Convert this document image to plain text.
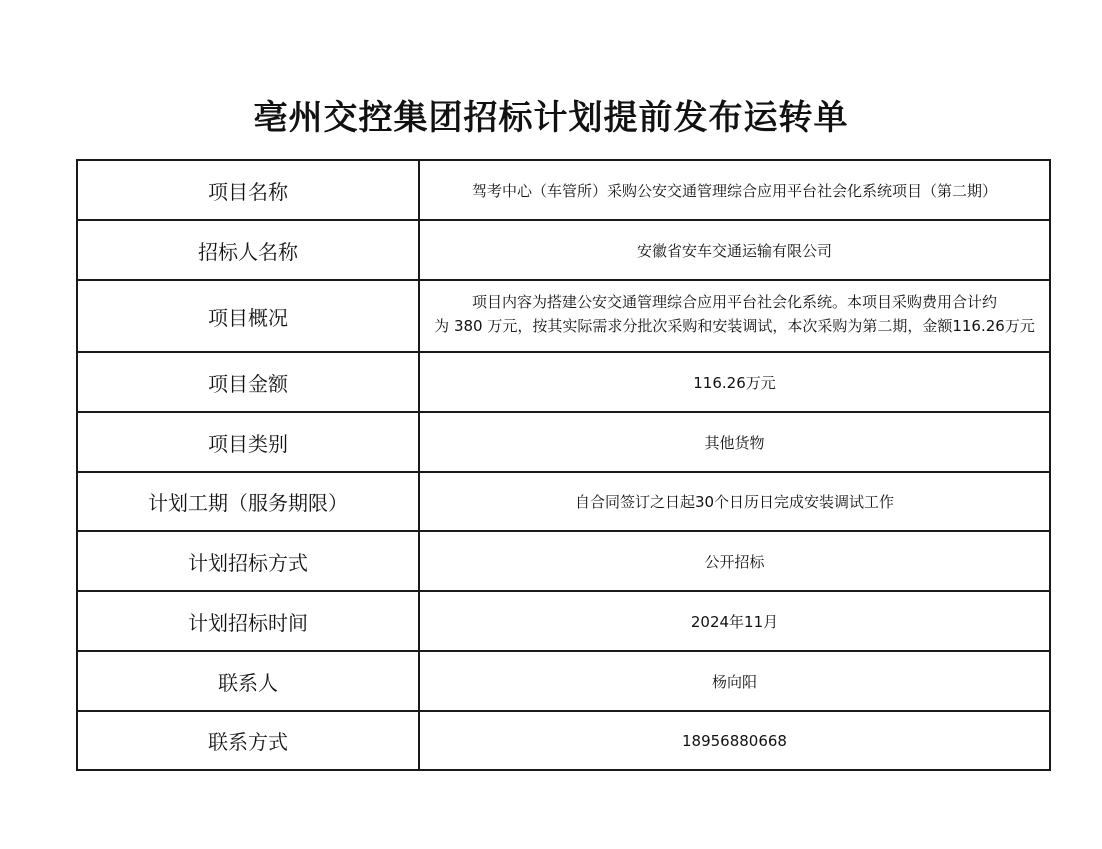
亳州交控集团招标计划提前发布运转单
项目名称	驾考中心（车管所）采购公安交通管理综合应用平台社会化系统项目（第二期）
招标人名称	安徽省安车交通运输有限公司
项目概况	项目内容为搭建公安交通管理综合应用平台社会化系统。本项目采购费用合计约
为 380 万元，按其实际需求分批次采购和安装调试，本次采购为第二期，金额116.26万元

项目金额	116.26万元
项目类别	其他货物
计划工期（服务期限）	自合同签订之日起30个日历日完成安装调试工作
计划招标方式	公开招标
计划招标时间	2024年11月
联系人	杨向阳
联系方式	18956880668
